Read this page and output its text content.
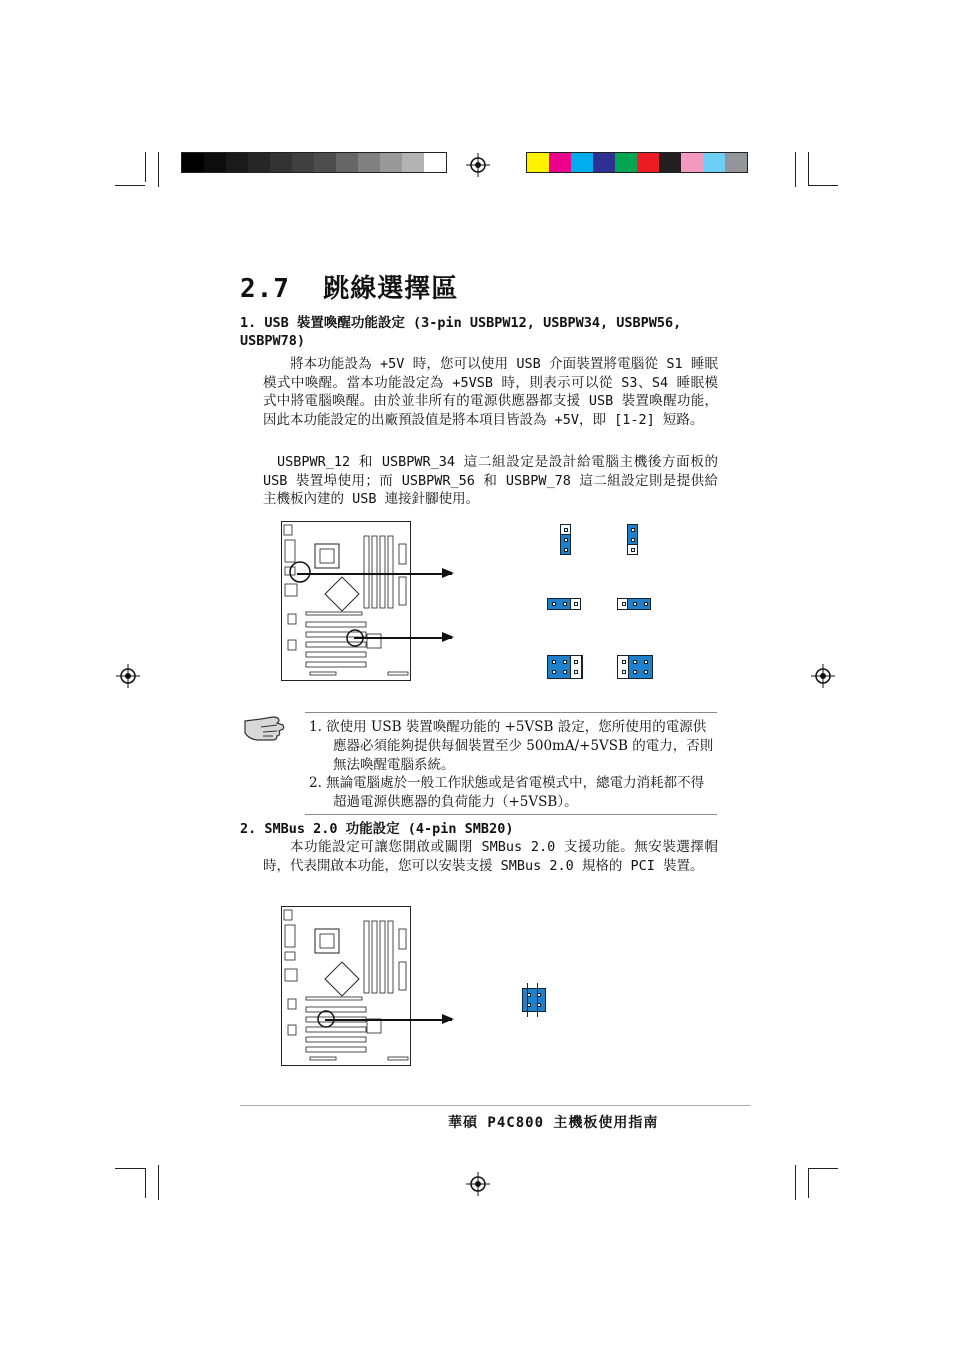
2.7 跳線選擇區
1. USB 裝置喚醒功能設定 (3-pin USBPW12, USBPW34, USBPW56,
USBPW78)
將本功能設為 +5V 時，您可以使用 USB 介面裝置將電腦從 S1 睡眠模式中喚醒。當本功能設定為 +5VSB 時，則表示可以從 S3、S4 睡眠模式中將電腦喚醒。由於並非所有的電源供應器都支援 USB 裝置喚醒功能，因此本功能設定的出廠預設值是將本項目皆設為 +5V，即 [1-2] 短路。
USBPWR_12 和 USBPWR_34 這二組設定是設計給電腦主機後方面板的 USB 裝置埠使用；而 USBPWR_56 和 USBPW_78 這二組設定則是提供給主機板內建的 USB 連接針腳使用。
1. 欲使用 USB 裝置喚醒功能的 +5VSB 設定，您所使用的電源供應器必須能夠提供每個裝置至少 500mA/+5VSB 的電力，否則無法喚醒電腦系統。
2. 無論電腦處於一般工作狀態或是省電模式中，總電力消耗都不得超過電源供應器的負荷能力（+5VSB）。
2. SMBus 2.0 功能設定 (4-pin SMB20)
本功能設定可讓您開啟或關閉 SMBus 2.0 支援功能。無安裝選擇帽時，代表開啟本功能，您可以安裝支援 SMBus 2.0 規格的 PCI 裝置。
華碩 P4C800 主機板使用指南
